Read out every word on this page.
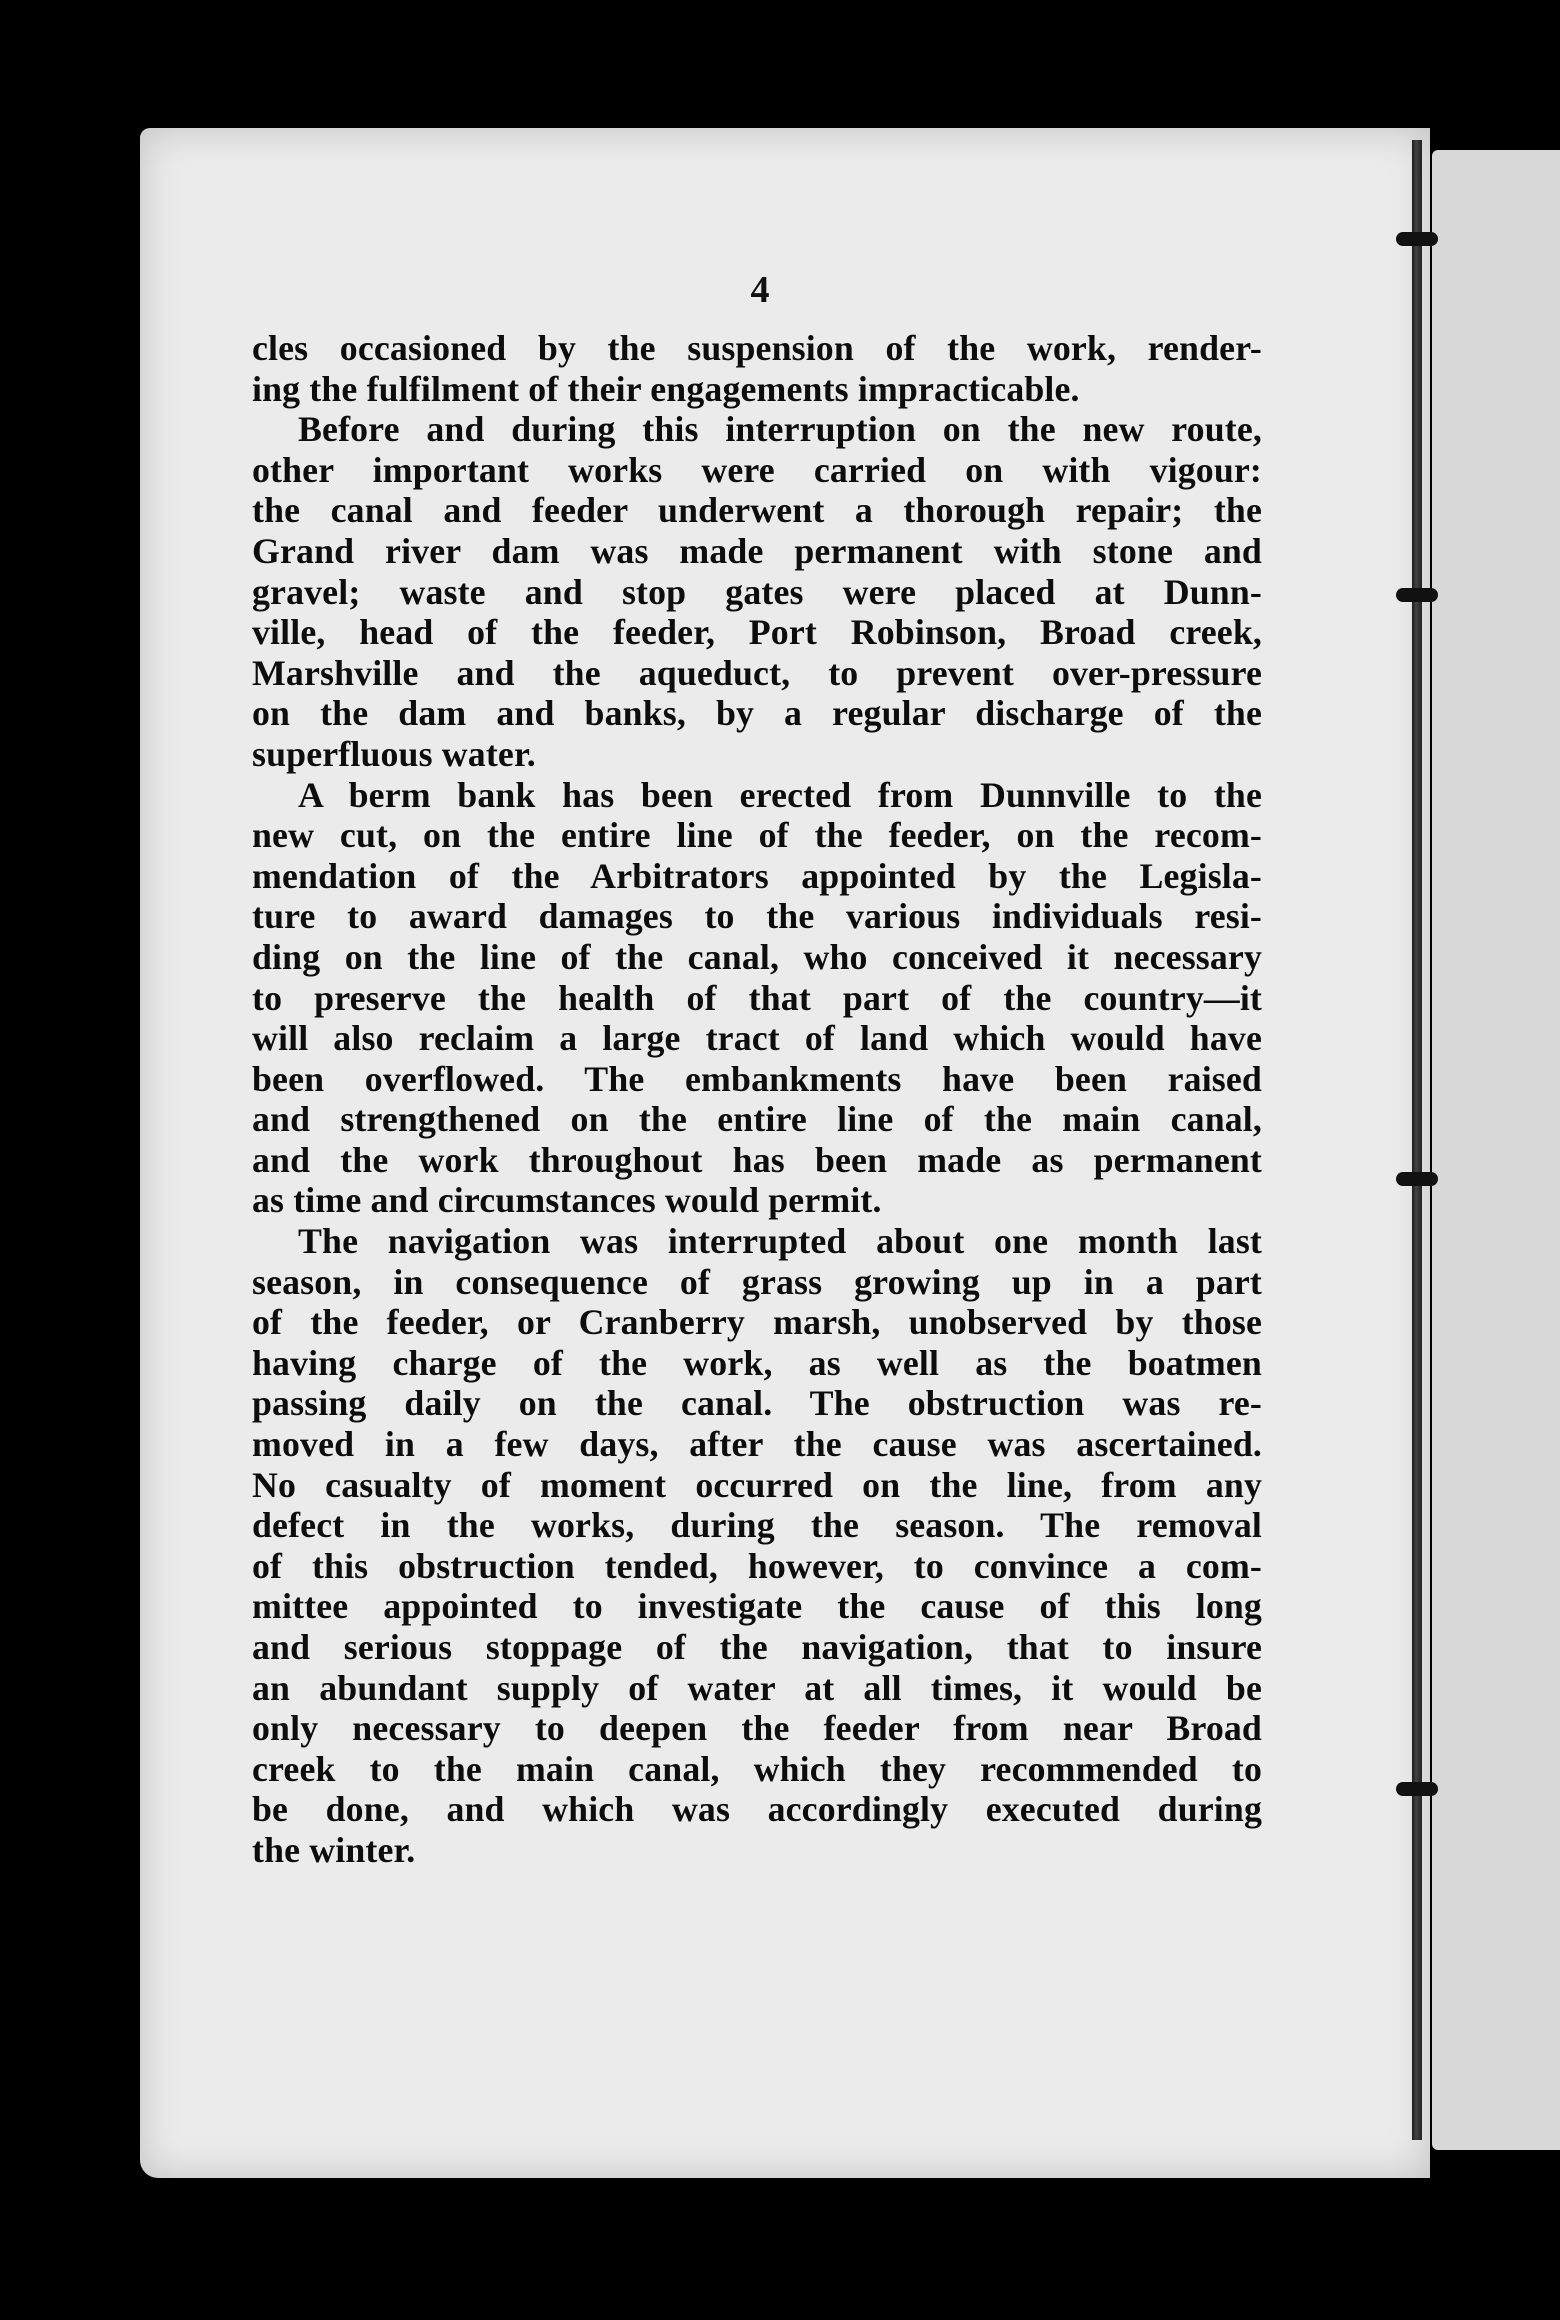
4
cles occasioned by the suspension of the work, render-
ing the fulfilment of their engagements impracticable.
Before and during this interruption on the new route,
other important works were carried on with vigour:
the canal and feeder underwent a thorough repair; the
Grand river dam was made permanent with stone and
gravel; waste and stop gates were placed at Dunn-
ville, head of the feeder, Port Robinson, Broad creek,
Marshville and the aqueduct, to prevent over-pressure
on the dam and banks, by a regular discharge of the
superfluous water.
A berm bank has been erected from Dunnville to the
new cut, on the entire line of the feeder, on the recom-
mendation of the Arbitrators appointed by the Legisla-
ture to award damages to the various individuals resi-
ding on the line of the canal, who conceived it necessary
to preserve the health of that part of the country—it
will also reclaim a large tract of land which would have
been overflowed. The embankments have been raised
and strengthened on the entire line of the main canal,
and the work throughout has been made as permanent
as time and circumstances would permit.
The navigation was interrupted about one month last
season, in consequence of grass growing up in a part
of the feeder, or Cranberry marsh, unobserved by those
having charge of the work, as well as the boatmen
passing daily on the canal. The obstruction was re-
moved in a few days, after the cause was ascertained.
No casualty of moment occurred on the line, from any
defect in the works, during the season. The removal
of this obstruction tended, however, to convince a com-
mittee appointed to investigate the cause of this long
and serious stoppage of the navigation, that to insure
an abundant supply of water at all times, it would be
only necessary to deepen the feeder from near Broad
creek to the main canal, which they recommended to
be done, and which was accordingly executed during
the winter.
